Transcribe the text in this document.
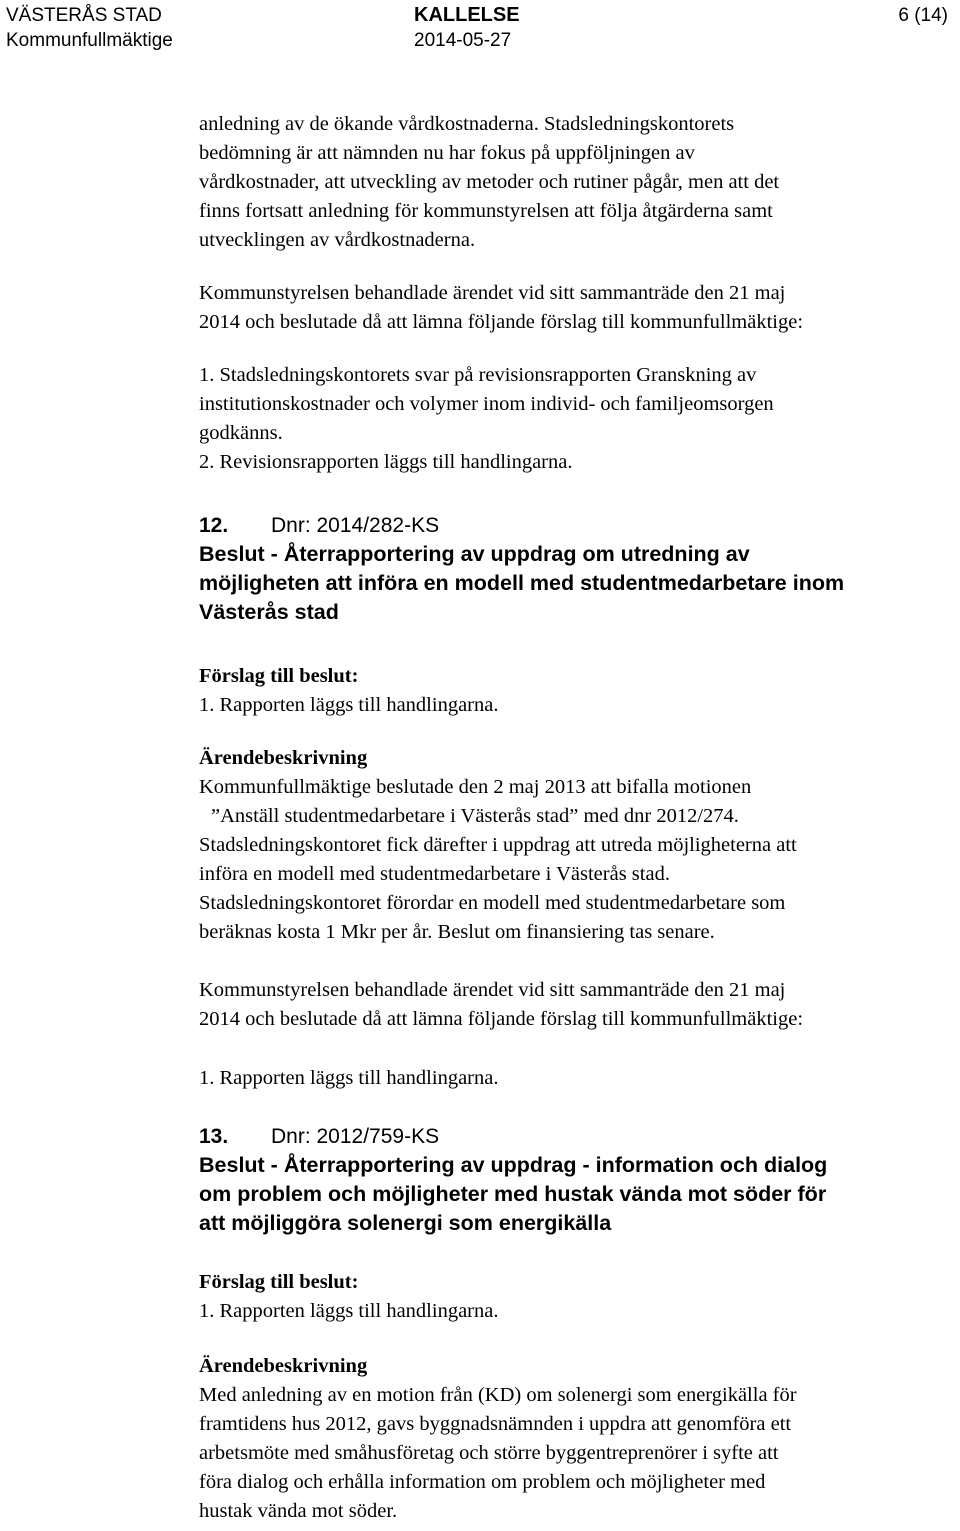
VÄSTERÅS STAD
Kommunfullmäktige
KALLELSE
2014-05-27
6 (14)

anledning av de ökande vårdkostnaderna. Stadsledningskontorets

bedömning är att nämnden nu har fokus på uppföljningen av

vårdkostnader, att utveckling av metoder och rutiner pågår, men att det

finns fortsatt anledning för kommunstyrelsen att följa åtgärderna samt

utvecklingen av vårdkostnaderna.

Kommunstyrelsen behandlade ärendet vid sitt sammanträde den 21 maj

2014 och beslutade då att lämna följande förslag till kommunfullmäktige:

1. Stadsledningskontorets svar på revisionsrapporten Granskning av

institutionskostnader och volymer inom individ- och familjeomsorgen

godkänns.

2. Revisionsrapporten läggs till handlingarna.

12. Dnr: 2014/282-KS

Beslut - Återrapportering av uppdrag om utredning av

möjligheten att införa en modell med studentmedarbetare inom

Västerås stad

Förslag till beslut:

1. Rapporten läggs till handlingarna.

Ärendebeskrivning

Kommunfullmäktige beslutade den 2 maj 2013 att bifalla motionen

”Anställ studentmedarbetare i Västerås stad” med dnr 2012/274.

Stadsledningskontoret fick därefter i uppdrag att utreda möjligheterna att

införa en modell med studentmedarbetare i Västerås stad.

Stadsledningskontoret förordar en modell med studentmedarbetare som

beräknas kosta 1 Mkr per år. Beslut om finansiering tas senare.

Kommunstyrelsen behandlade ärendet vid sitt sammanträde den 21 maj

2014 och beslutade då att lämna följande förslag till kommunfullmäktige:

1. Rapporten läggs till handlingarna.

13. Dnr: 2012/759-KS

Beslut - Återrapportering av uppdrag - information och dialog

om problem och möjligheter med hustak vända mot söder för

att möjliggöra solenergi som energikälla

Förslag till beslut:

1. Rapporten läggs till handlingarna.

Ärendebeskrivning

Med anledning av en motion från (KD) om solenergi som energikälla för

framtidens hus 2012, gavs byggnadsnämnden i uppdra att genomföra ett

arbetsmöte med småhusföretag och större byggentreprenörer i syfte att

föra dialog och erhålla information om problem och möjligheter med

hustak vända mot söder.
